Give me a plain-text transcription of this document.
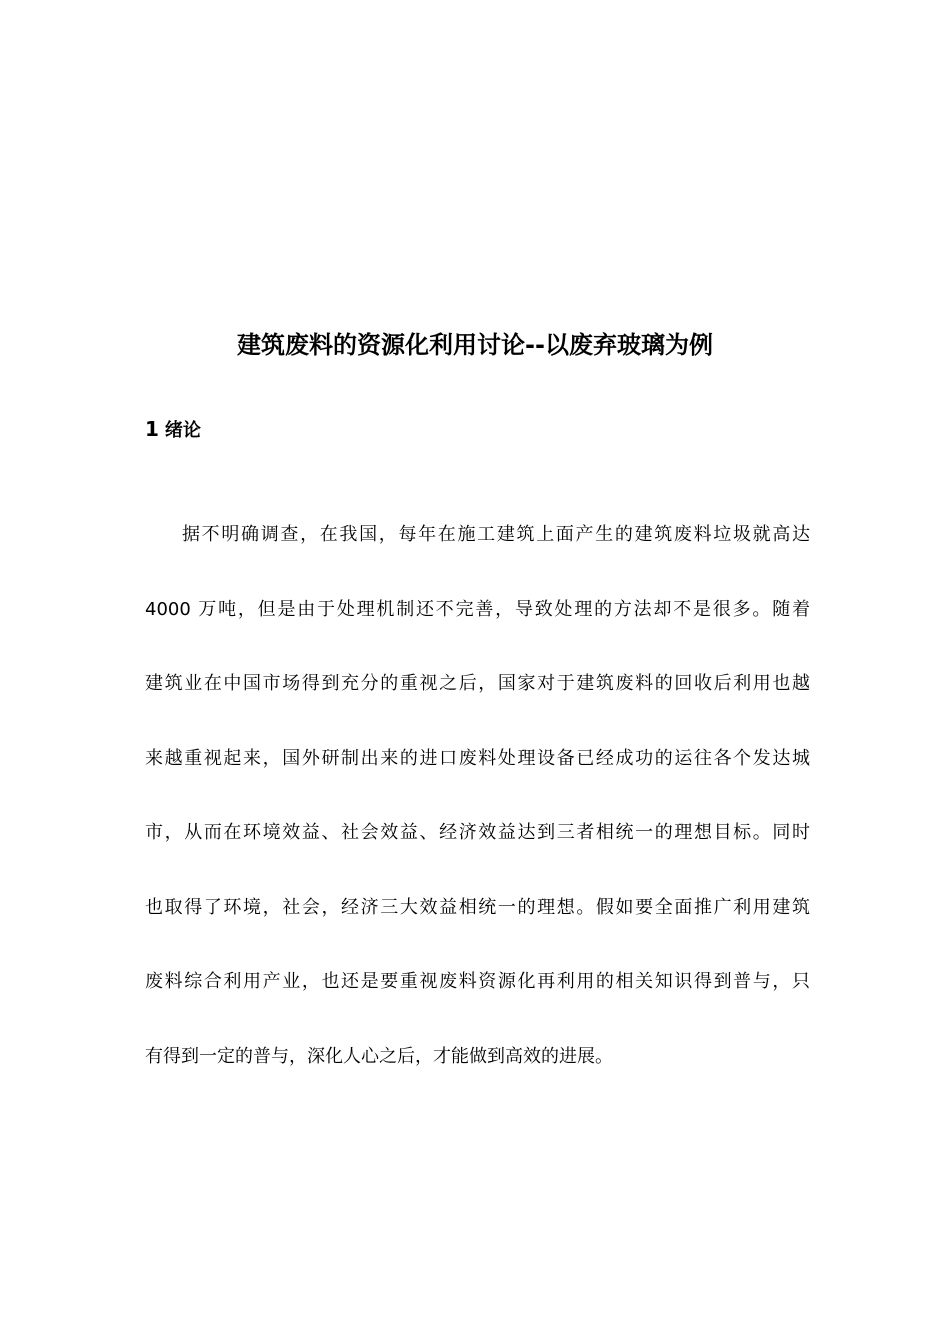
建筑废料的资源化利用讨论--以废弃玻璃为例
1 绪论

据不明确调查，在我国，每年在施工建筑上面产生的建筑废料垃圾就高达
4000 万吨，但是由于处理机制还不完善，导致处理的方法却不是很多。随着
建筑业在中国市场得到充分的重视之后，国家对于建筑废料的回收后利用也越
来越重视起来，国外研制出来的进口废料处理设备已经成功的运往各个发达城
市，从而在环境效益、社会效益、经济效益达到三者相统一的理想目标。同时
也取得了环境，社会，经济三大效益相统一的理想。假如要全面推广利用建筑
废料综合利用产业，也还是要重视废料资源化再利用的相关知识得到普与，只
有得到一定的普与，深化人心之后，才能做到高效的进展。
